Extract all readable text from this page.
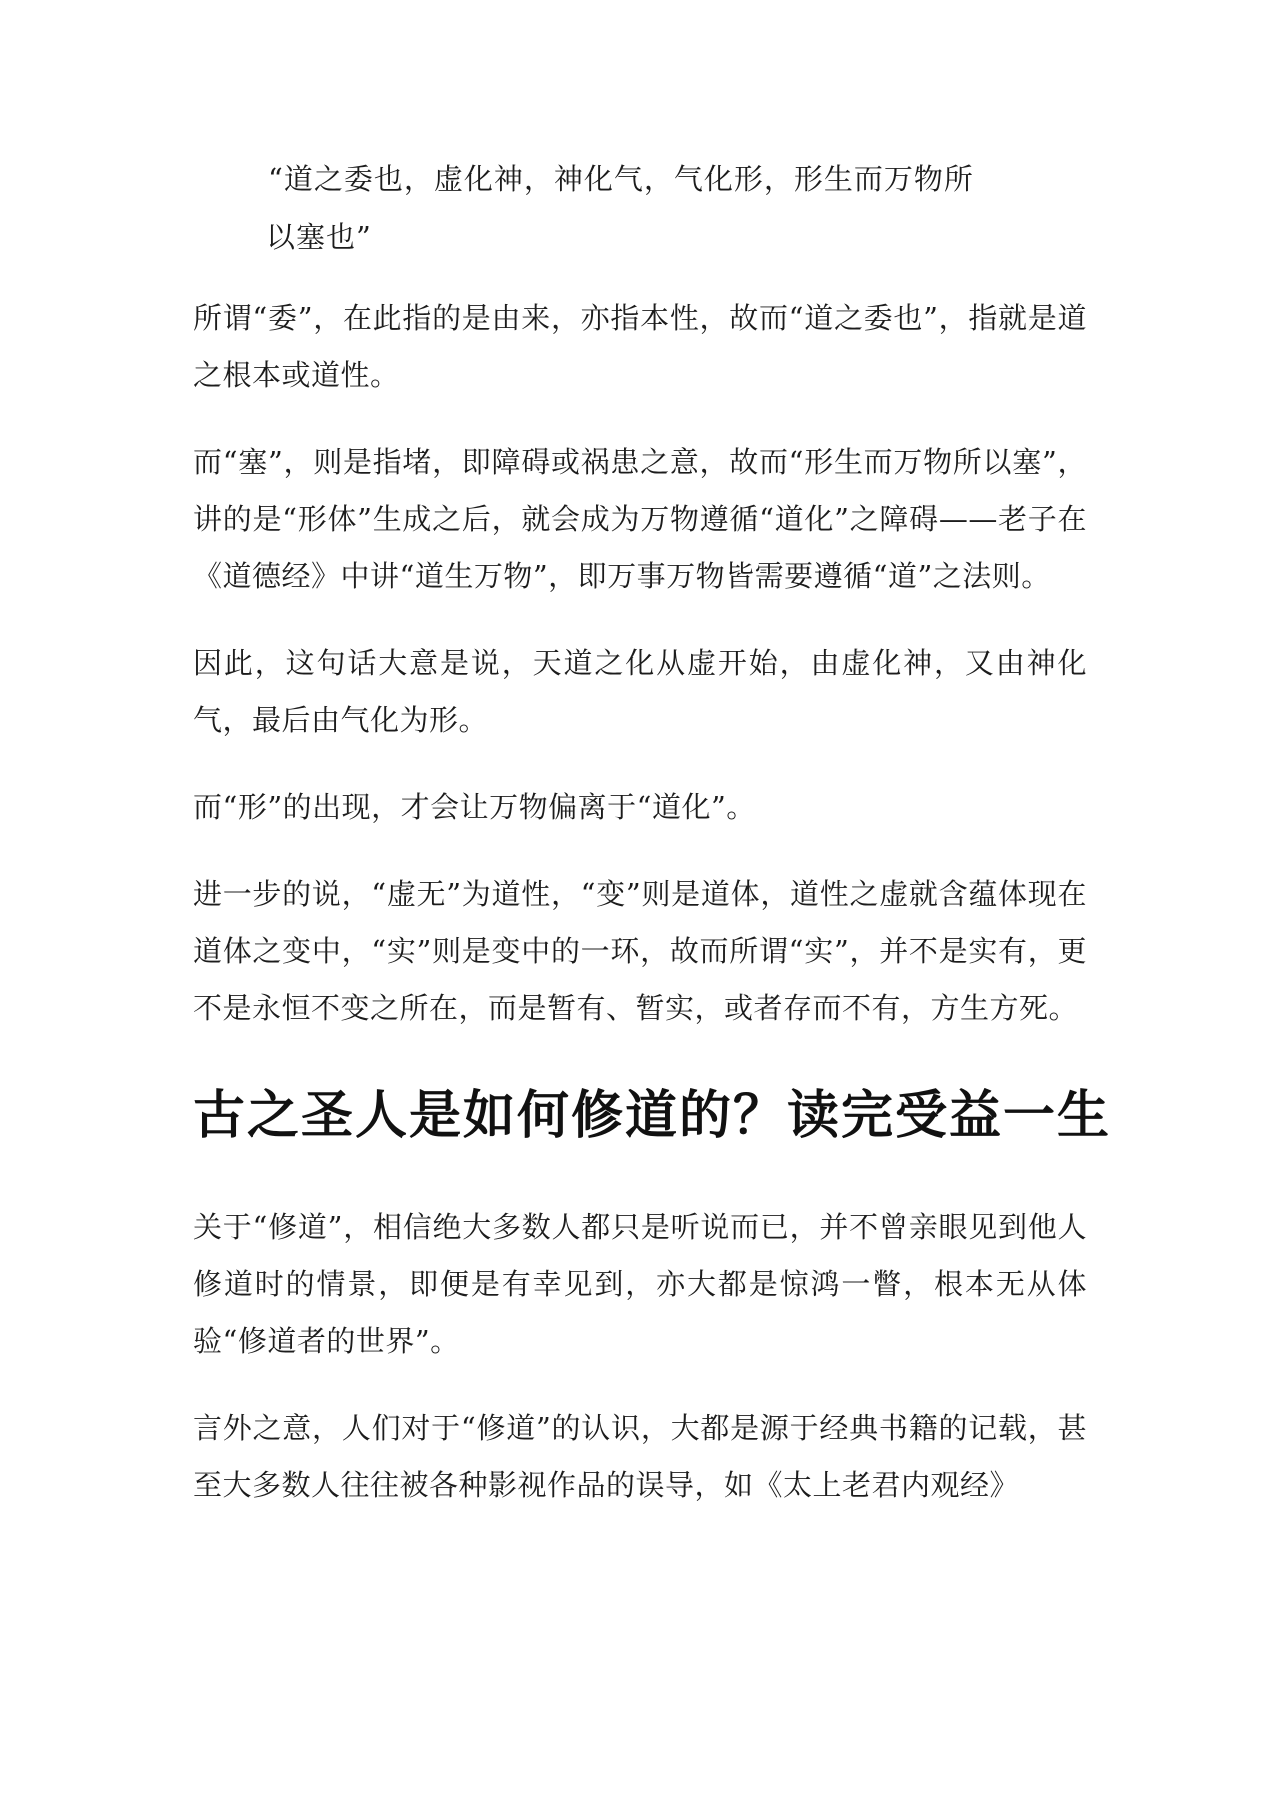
“道之委也，虚化神，神化气，气化形，形生而万物所

以塞也”

所谓“委”，在此指的是由来，亦指本性，故而“道之委也”，指就是道之根本或道性。

而“塞”，则是指堵，即障碍或祸患之意，故而“形生而万物所以塞”，讲的是“形体”生成之后，就会成为万物遵循“道化”之障碍——老子在《道德经》中讲“道生万物”，即万事万物皆需要遵循“道”之法则。

因此，这句话大意是说，天道之化从虚开始，由虚化神，又由神化气，最后由气化为形。

而“形”的出现，才会让万物偏离于“道化”。

进一步的说，“虚无”为道性，“变”则是道体，道性之虚就含蕴体现在道体之变中，“实”则是变中的一环，故而所谓“实”，并不是实有，更不是永恒不变之所在，而是暂有、暂实，或者存而不有，方生方死。

古之圣人是如何修道的？读完受益一生

关于“修道”，相信绝大多数人都只是听说而已，并不曾亲眼见到他人修道时的情景，即便是有幸见到，亦大都是惊鸿一瞥，根本无从体验“修道者的世界”。

言外之意，人们对于“修道”的认识，大都是源于经典书籍的记载，甚至大多数人往往被各种影视作品的误导，如《太上老君内观经》
